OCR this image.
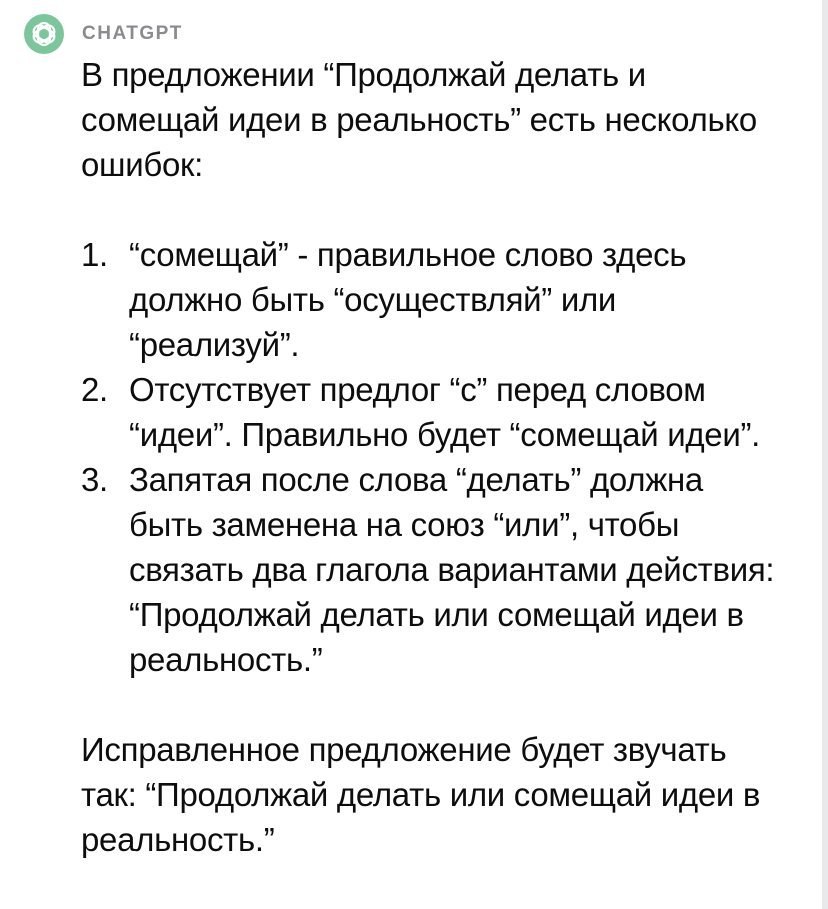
CHATGPT

В предложении “Продолжай делать и сомещай идеи в реальность” есть несколько ошибок:

1. “сомещай” - правильное слово здесь должно быть “осуществляй” или “реализуй”.
2. Отсутствует предлог “с” перед словом “идеи”. Правильно будет “сомещай идеи”.
3. Запятая после слова “делать” должна быть заменена на союз “или”, чтобы связать два глагола вариантами действия: “Продолжай делать или сомещай идеи в реальность.”

Исправленное предложение будет звучать так: “Продолжай делать или сомещай идеи в реальность.”
